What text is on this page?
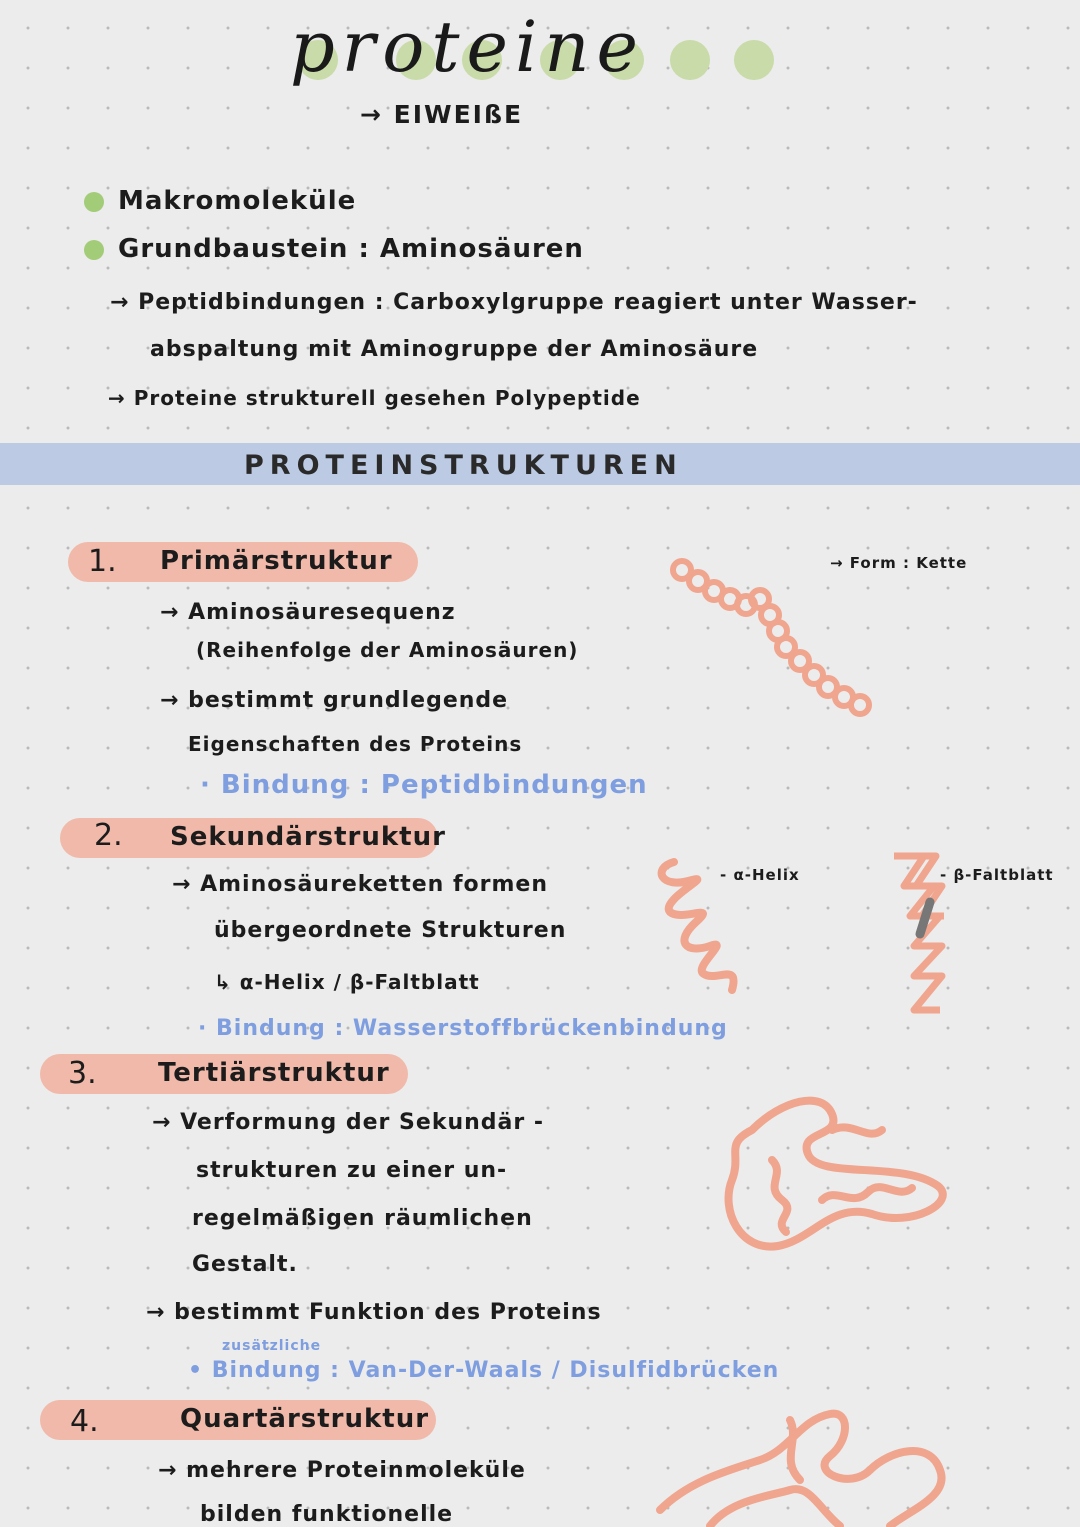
proteine
→ EIWEIßE
Makromoleküle
Grundbaustein : Aminosäuren
→ Peptidbindungen : Carboxylgruppe reagiert unter Wasser-
abspaltung mit Aminogruppe der Aminosäure
→ Proteine strukturell gesehen Polypeptide
PROTEINSTRUKTUREN
1. Primärstruktur
→ Aminosäuresequenz
(Reihenfolge der Aminosäuren)
→ bestimmt grundlegende
Eigenschaften des Proteins
· Bindung : Peptidbindungen
→ Form : Kette
2. Sekundärstruktur
→ Aminosäureketten formen
übergeordnete Strukturen
↳ α-Helix / β-Faltblatt
· Bindung : Wasserstoffbrückenbindung
- α-Helix	- β-Faltblatt
3. Tertiärstruktur
→ Verformung der Sekundär -
strukturen zu einer un-
regelmäßigen räumlichen
Gestalt.
→ bestimmt Funktion des Proteins
zusätzliche
• Bindung : Van-Der-Waals / Disulfidbrücken
4.	Quartärstruktur
→ mehrere Proteinmoleküle
bilden funktionelle
